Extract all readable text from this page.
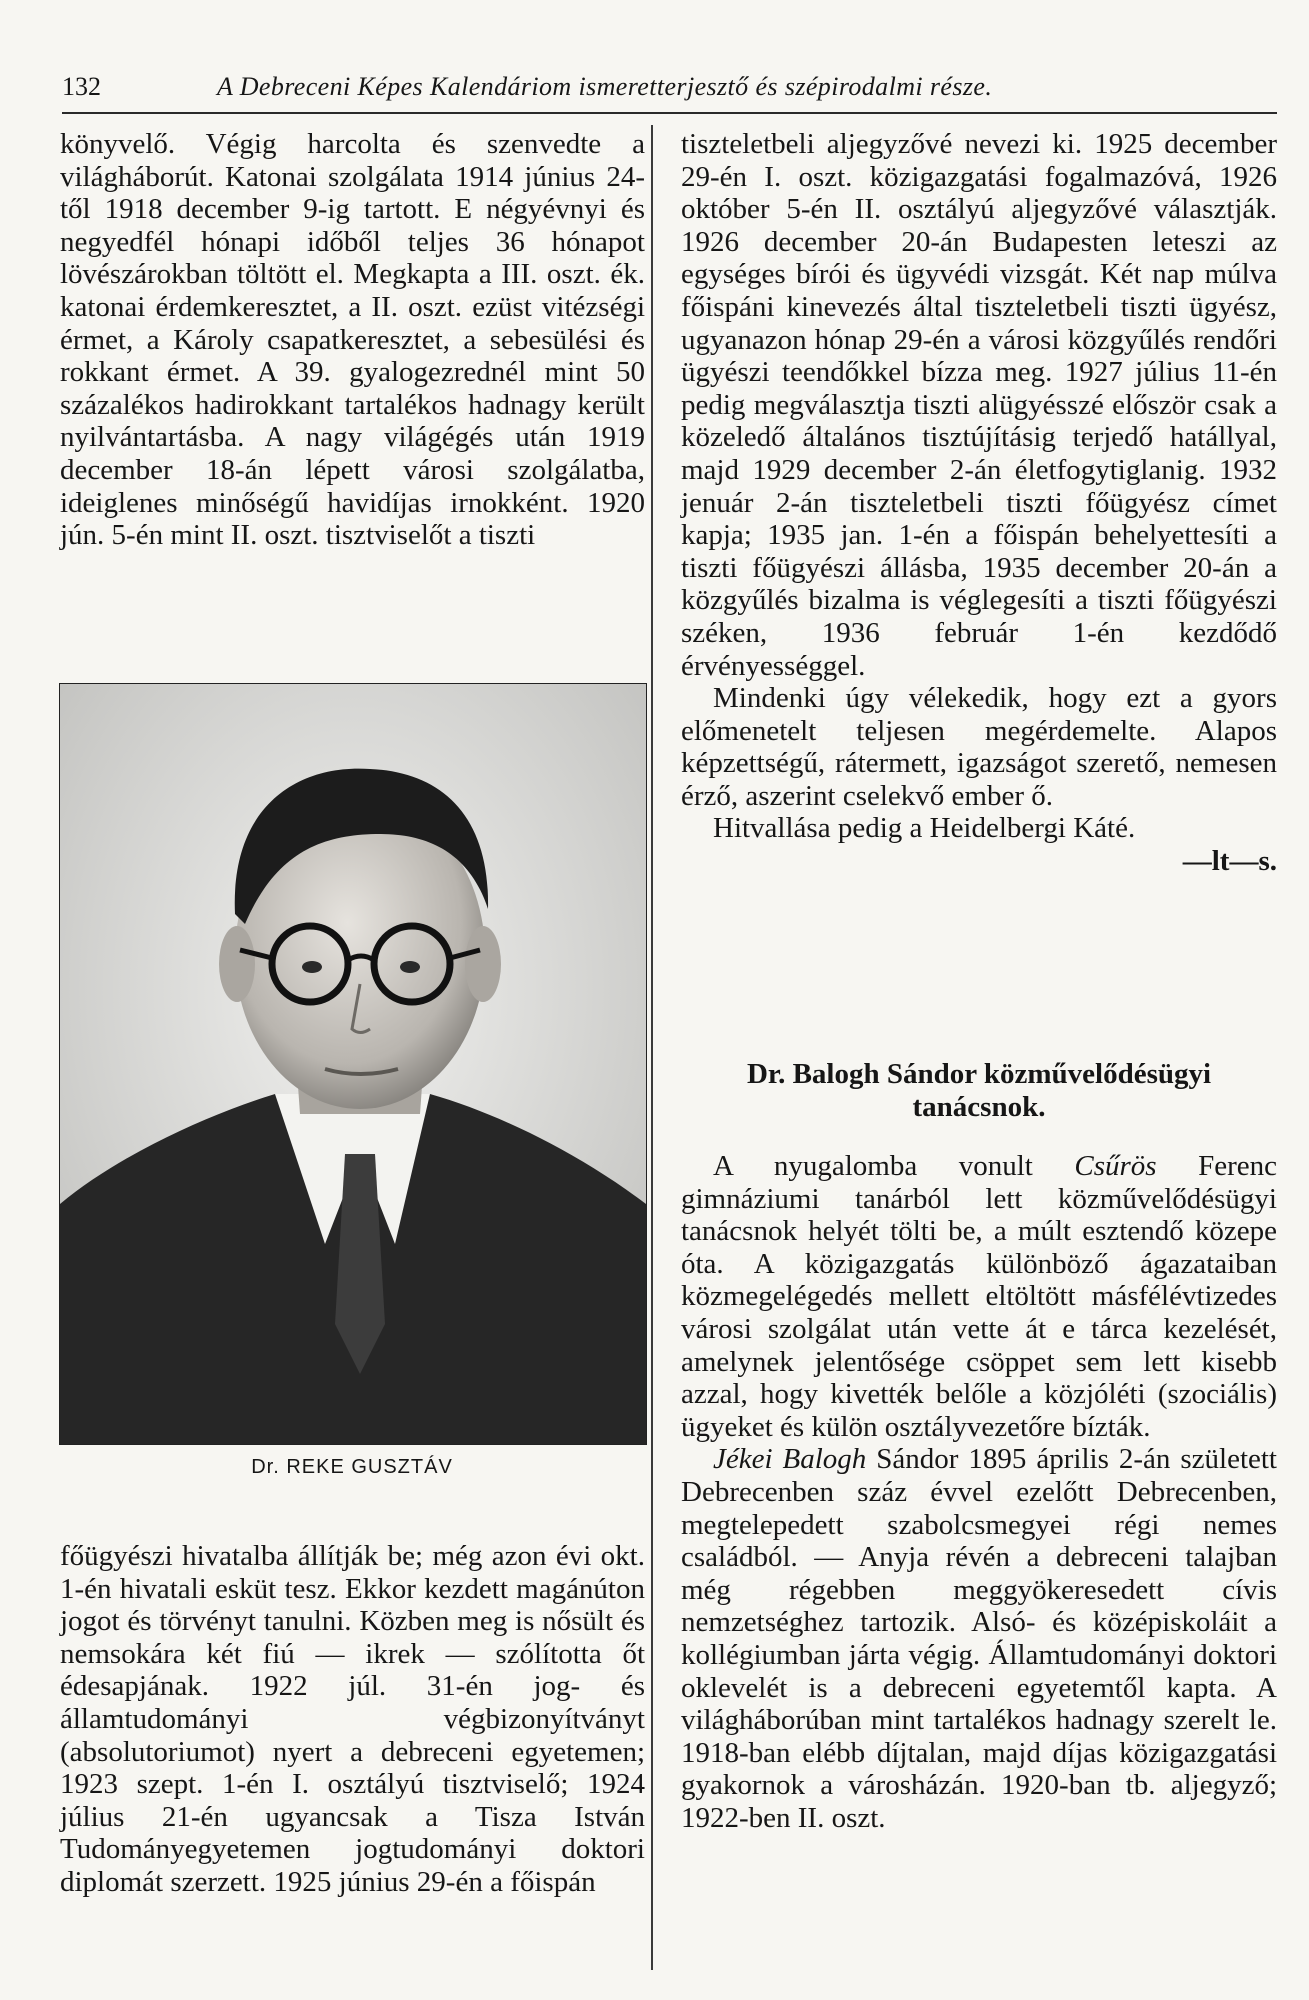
132	A Debreceni Képes Kalendáriom ismeretterjesztő és szépirodalmi része.

könyvelő. Végig harcolta és szenvedte a világháborút. Katonai szolgálata 1914 június 24-től 1918 december 9-ig tartott. E négyévnyi és negyedfél hónapi időből teljes 36 hónapot lövészárokban töltött el. Megkapta a III. oszt. ék. katonai érdemkeresztet, a II. oszt. ezüst vitézségi érmet, a Károly csapatkeresztet, a sebesülési és rokkant érmet. A 39. gyalogezrednél mint 50 százalékos hadirokkant tartalékos hadnagy került nyilvántartásba. A nagy világégés után 1919 december 18-án lépett városi szolgálatba, ideiglenes minőségű havidíjas irnokként. 1920 jún. 5-én mint II. oszt. tisztviselőt a tiszti

Dr. REKE GUSZTÁV

főügyészi hivatalba állítják be; még azon évi okt. 1-én hivatali esküt tesz. Ekkor kezdett magánúton jogot és törvényt tanulni. Közben meg is nősült és nemsokára két fiú — ikrek — szólította őt édesapjának. 1922 júl. 31-én jog- és államtudományi végbizonyítványt (absolutoriumot) nyert a debreceni egyetemen; 1923 szept. 1-én I. osztályú tisztviselő; 1924 július 21-én ugyancsak a Tisza István Tudományegyetemen jogtudományi doktori diplomát szerzett. 1925 június 29-én a főispán

tiszteletbeli aljegyzővé nevezi ki. 1925 december 29-én I. oszt. közigazgatási fogalmazóvá, 1926 október 5-én II. osztályú aljegyzővé választják. 1926 december 20-án Budapesten leteszi az egységes bírói és ügyvédi vizsgát. Két nap múlva főispáni kinevezés által tiszteletbeli tiszti ügyész, ugyanazon hónap 29-én a városi közgyűlés rendőri ügyészi teendőkkel bízza meg. 1927 július 11-én pedig megválasztja tiszti alügyésszé először csak a közeledő általános tisztújításig terjedő hatállyal, majd 1929 december 2-án életfogytiglanig. 1932 jenuár 2-án tiszteletbeli tiszti főügyész címet kapja; 1935 jan. 1-én a főispán behelyettesíti a tiszti főügyészi állásba, 1935 december 20-án a közgyűlés bizalma is véglegesíti a tiszti főügyészi széken, 1936 február 1-én kezdődő érvényességgel.

Mindenki úgy vélekedik, hogy ezt a gyors előmenetelt teljesen megérdemelte. Alapos képzettségű, rátermett, igazságot szerető, nemesen érző, aszerint cselekvő ember ő.

Hitvallása pedig a Heidelbergi Káté.

—lt—s.

Dr. Balogh Sándor közművelődésügyi
tanácsnok.

A nyugalomba vonult Csűrös Ferenc gimnáziumi tanárból lett közművelődésügyi tanácsnok helyét tölti be, a múlt esztendő közepe óta. A közigazgatás különböző ágazataiban közmegelégedés mellett eltöltött másfélévtizedes városi szolgálat után vette át e tárca kezelését, amelynek jelentősége csöppet sem lett kisebb azzal, hogy kivették belőle a közjóléti (szociális) ügyeket és külön osztályvezetőre bízták.

Jékei Balogh Sándor 1895 április 2-án született Debrecenben száz évvel ezelőtt Debrecenben, megtelepedett szabolcsmegyei régi nemes családból. — Anyja révén a debreceni talajban még régebben meggyökeresedett cívis nemzetséghez tartozik. Alsó- és középiskoláit a kollégiumban járta végig. Államtudományi doktori oklevelét is a debreceni egyetemtől kapta. A világháborúban mint tartalékos hadnagy szerelt le. 1918-ban elébb díjtalan, majd díjas közigazgatási gyakornok a városházán. 1920-ban tb. aljegyző; 1922-ben II. oszt.
